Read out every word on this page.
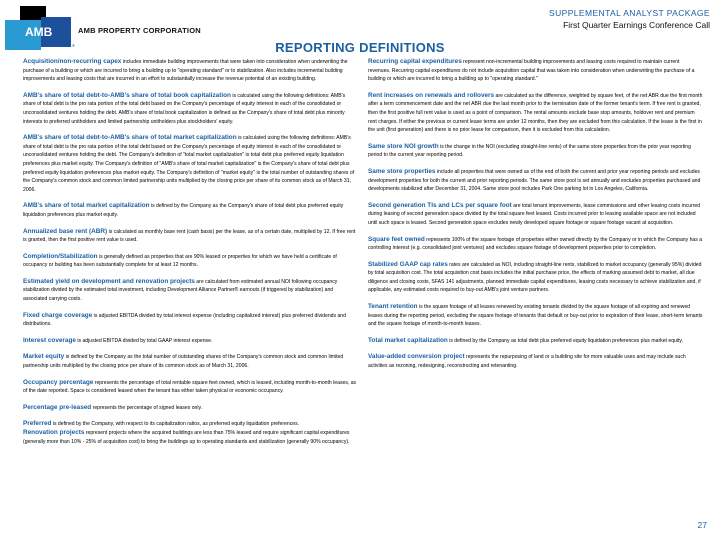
AMB
®
AMB PROPERTY CORPORATION
SUPPLEMENTAL ANALYST PACKAGE
First Quarter Earnings Conference Call
REPORTING DEFINITIONS
Acquisition/non-recurring capex includes immediate building improvements that were taken into consideration when underwriting the purchase of a building or which are incurred to bring a building up to "operating standard" or to stabilization. Also includes incremental building improvements and leasing costs that are incurred in an effort to substantially increase the revenue potential of an existing building.
AMB's share of total debt-to-AMB's share of total book capitalization is calculated using the following definitions: AMB's share of total debt is the pro rata portion of the total debt based on the Company's percentage of equity interest in each of the consolidated or unconsolidated ventures holding the debt. AMB's share of total book capitalization is defined as the Company's share of total debt plus minority interests to preferred unitholders and limited partnership unitholders plus stockholders' equity.
AMB's share of total debt-to-AMB's share of total market capitalization is calculated using the following definitions: AMB's share of total debt is the pro rata portion of the total debt based on the Company's percentage of equity interest in each of the consolidated or unconsolidated ventures holding the debt. The Company's definition of "total market capitalization" is total debt plus preferred equity liquidation preferences plus market equity. The Company's definition of "AMB's share of total market capitalization" is the Company's share of total debt plus preferred equity liquidation preferences plus market equity. The Company's definition of "market equity" is the total number of outstanding shares of the Company's common stock and common limited partnership units multiplied by the closing price per share of its common stock as of March 31, 2006.
AMB's share of total market capitalization is defined by the Company as the Company's share of total debt plus preferred equity liquidation preferences plus market equity.
Annualized base rent (ABR) is calculated as monthly base rent (cash basis) per the lease, as of a certain date, multiplied by 12. If free rent is granted, then the first positive rent value is used.
Completion/Stabilization is generally defined as properties that are 90% leased or properties for which we have held a certificate of occupancy or building has been substantially complete for at least 12 months.
Estimated yield on development and renovation projects are calculated from estimated annual NOI following occupancy stabilization divided by the estimated total investment, including Development Alliance Partner® earnouts (if triggered by stabilization) and associated carrying costs.
Fixed charge coverage is adjusted EBITDA divided by total interest expense (including capitalized interest) plus preferred dividends and distributions.
Interest coverage is adjusted EBITDA divided by total GAAP interest expense.
Market equity is defined by the Company as the total number of outstanding shares of the Company's common stock and common limited partnership units multiplied by the closing price per share of its common stock as of March 31, 2006.
Occupancy percentage represents the percentage of total rentable square feet owned, which is leased, including month-to-month leases, as of the date reported. Space is considered leased when the tenant has either taken physical or economic occupancy.
Percentage pre-leased represents the percentage of signed leases only.
Preferred is defined by the Company, with respect to its capitalization ratios, as preferred equity liquidation preferences.
Renovation projects represent projects where the acquired buildings are less than 75% leased and require significant capital expenditures (generally more than 10% - 25% of acquisition cost) to bring the buildings up to operating standards and stabilization (generally 90% occupancy).
Recurring capital expenditures represent non-incremental building improvements and leasing costs required to maintain current revenues. Recurring capital expenditures do not include acquisition capital that was taken into consideration when underwriting the purchase of a building or which are incurred to bring a building up to "operating standard."
Rent increases on renewals and rollovers are calculated as the difference, weighted by square feet, of the net ABR due the first month after a term commencement date and the net ABR due the last month prior to the termination date of the former tenant's term. If free rent is granted, then the first positive full rent value is used as a point of comparison. The rental amounts exclude base stop amounts, holdover rent and premium rent charges. If either the previous or current lease terms are under 12 months, then they are excluded from this calculation. If the lease is the first in the unit (first generation) and there is no prior lease for comparison, then it is excluded from this calculation.
Same store NOI growth is the change in the NOI (excluding straight-line rents) of the same store properties from the prior year reporting period to the current year reporting period.
Same store properties include all properties that were owned as of the end of both the current and prior year reporting periods and excludes development properties for both the current and prior reporting periods. The same store pool is set annually and excludes properties purchased and developments stabilized after December 31, 2004. Same store pool includes Park One parking lot in Los Angeles, California.
Second generation TIs and LCs per square foot are total tenant improvements, lease commissions and other leasing costs incurred during leasing of second generation space divided by the total square feet leased. Costs incurred prior to leasing available space are not included until such space is leased. Second generation space excludes newly developed square footage or square footage vacant at acquisition.
Square feet owned represents 100% of the square footage of properties either owned directly by the Company or in which the Company has a controlling interest (e.g. consolidated joint ventures) and excludes square footage of development properties prior to completion.
Stabilized GAAP cap rates rates are calculated as NOI, including straight-line rents, stabilized to market occupancy (generally 95%) divided by total acquisition cost. The total acquisition cost basis includes the initial purchase price, the effects of marking assumed debt to market, all due diligence and closing costs, SFAS 141 adjustments, planned immediate capital expenditures, leasing costs necessary to achieve stabilization and, if applicable, any estimated costs required to buy-out AMB's joint venture partners.
Tenant retention is the square footage of all leases renewed by existing tenants divided by the square footage of all expiring and renewed leases during the reporting period, excluding the square footage of tenants that default or buy-out prior to expiration of their lease, short-term tenants and the square footage of month-to-month leases.
Total market capitalization is defined by the Company as total debt plus preferred equity liquidation preferences plus market equity.
Value-added conversion project represents the repurposing of land or a building site for more valuable uses and may include such activities as rezoning, redesigning, reconstructing and retenanting.
27
